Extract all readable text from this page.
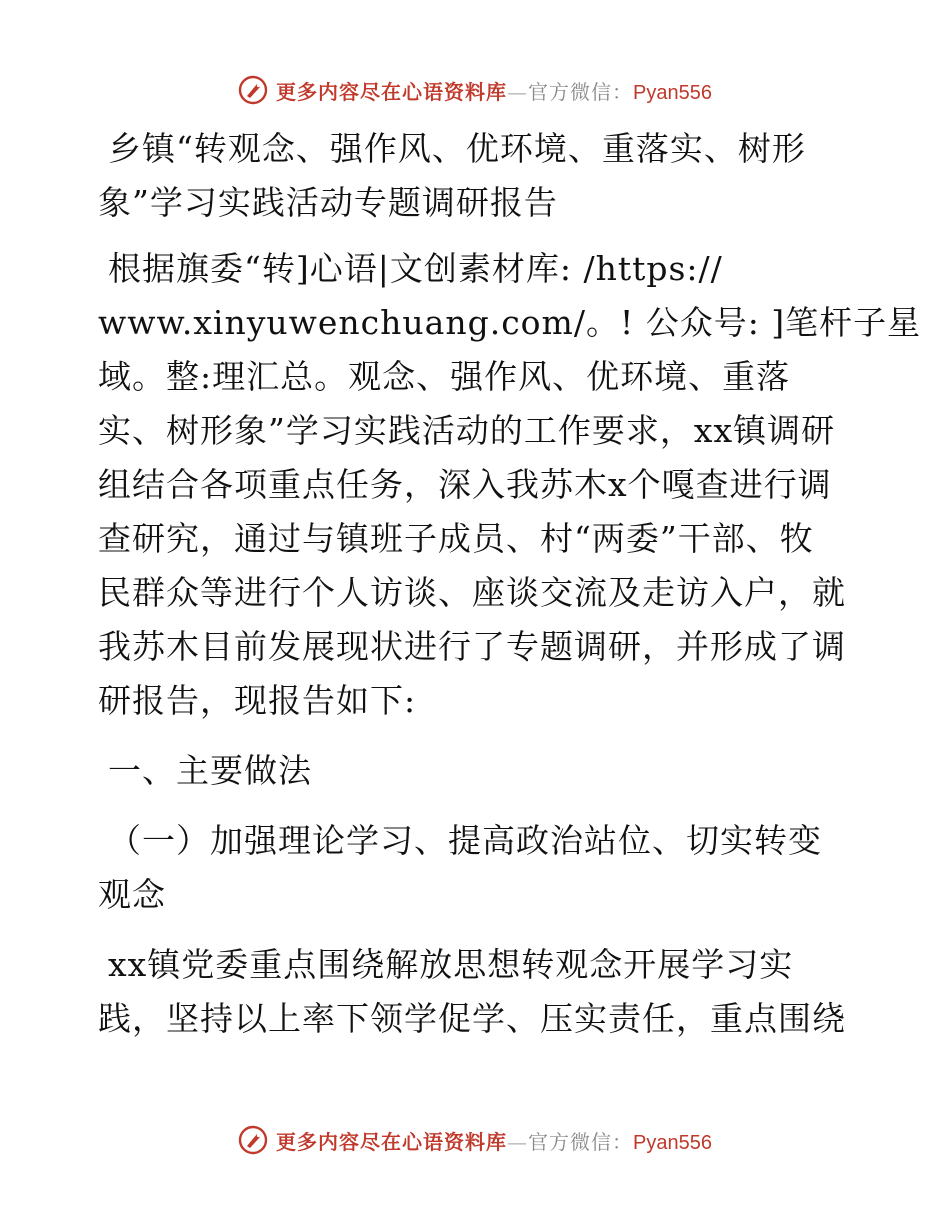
更多内容尽在心语资料库—官方微信：Pyan556
乡镇“转观念、强作风、优环境、重落实、树形
象”学习实践活动专题调研报告
根据旗委“转]心语|文创素材库: /https://
www.xinyuwenchuang.com/。! 公众号: ]笔杆子星
域。整:理汇总。观念、强作风、优环境、重落
实、树形象”学习实践活动的工作要求，xx镇调研
组结合各项重点任务，深入我苏木x个嘎查进行调
查研究，通过与镇班子成员、村“两委”干部、牧
民群众等进行个人访谈、座谈交流及走访入户，就
我苏木目前发展现状进行了专题调研，并形成了调
研报告，现报告如下:
一、主要做法
（一）加强理论学习、提高政治站位、切实转变
观念
xx镇党委重点围绕解放思想转观念开展学习实
践，坚持以上率下领学促学、压实责任，重点围绕
更多内容尽在心语资料库—官方微信：Pyan556
